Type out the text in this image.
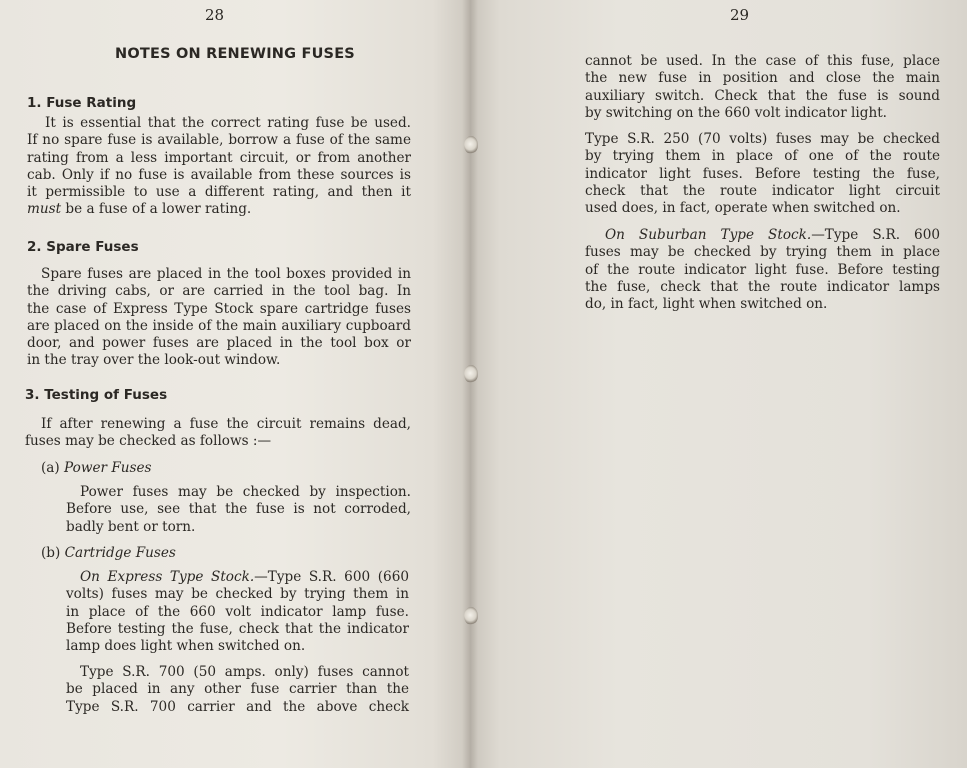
28
NOTES ON RENEWING FUSES
1. Fuse Rating
It is essential that the correct rating fuse be used.
If no spare fuse is available, borrow a fuse of the same
rating from a less important circuit, or from another
cab. Only if no fuse is available from these sources is
it permissible to use a different rating, and then it
must be a fuse of a lower rating.
2. Spare Fuses
Spare fuses are placed in the tool boxes provided in
the driving cabs, or are carried in the tool bag. In
the case of Express Type Stock spare cartridge fuses
are placed on the inside of the main auxiliary cupboard
door, and power fuses are placed in the tool box or
in the tray over the look-out window.
3. Testing of Fuses
If after renewing a fuse the circuit remains dead,
fuses may be checked as follows :—
(a) Power Fuses
Power fuses may be checked by inspection.
Before use, see that the fuse is not corroded,
badly bent or torn.
(b) Cartridge Fuses
On Express Type Stock.—Type S.R. 600 (660
volts) fuses may be checked by trying them in
in place of the 660 volt indicator lamp fuse.
Before testing the fuse, check that the indicator
lamp does light when switched on.
Type S.R. 700 (50 amps. only) fuses cannot
be placed in any other fuse carrier than the
Type S.R. 700 carrier and the above check
29
cannot be used. In the case of this fuse, place
the new fuse in position and close the main
auxiliary switch. Check that the fuse is sound
by switching on the 660 volt indicator light.
Type S.R. 250 (70 volts) fuses may be checked
by trying them in place of one of the route
indicator light fuses. Before testing the fuse,
check that the route indicator light circuit
used does, in fact, operate when switched on.
On Suburban Type Stock.—Type S.R. 600
fuses may be checked by trying them in place
of the route indicator light fuse. Before testing
the fuse, check that the route indicator lamps
do, in fact, light when switched on.
